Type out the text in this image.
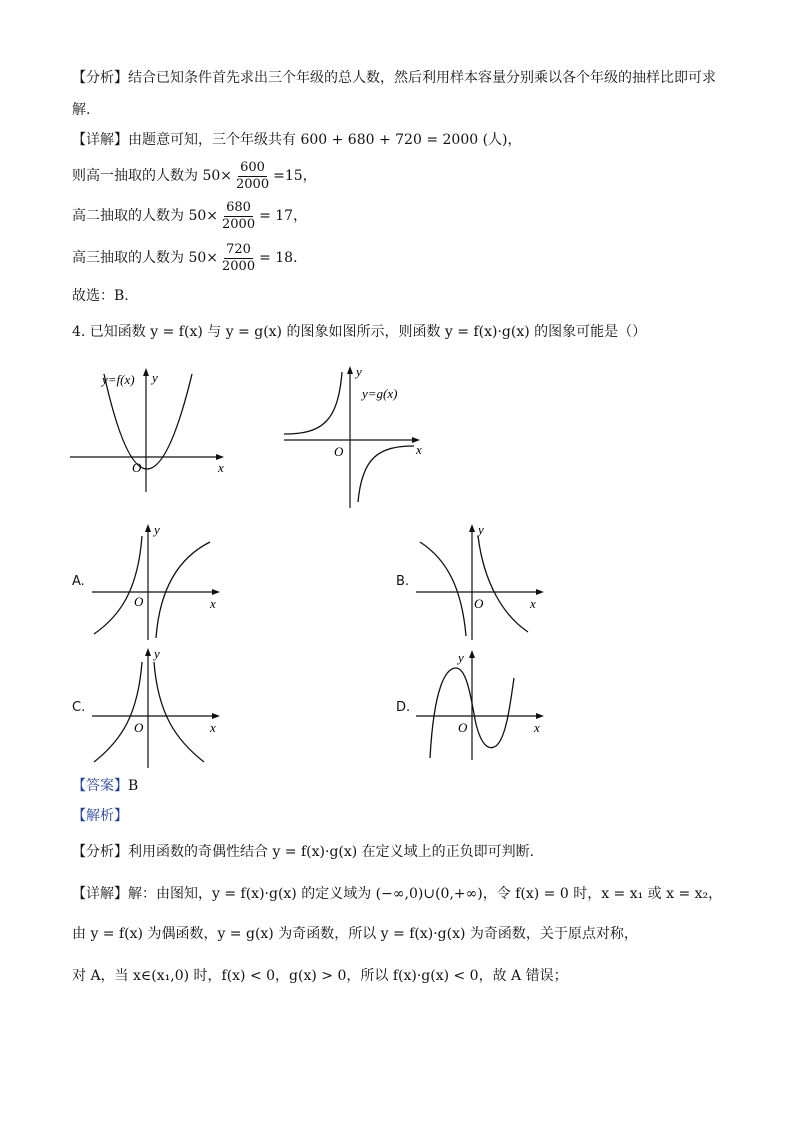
【分析】结合已知条件首先求出三个年级的总人数，然后利用样本容量分别乘以各个年级的抽样比即可求
解.
【详解】由题意可知，三个年级共有 600 + 680 + 720 = 2000 (人)，
则高一抽取的人数为 $50\times \frac{600}{2000} =15$，
高二抽取的人数为 $50\times \frac{680}{2000} = 17$，
高三抽取的人数为 $50\times \frac{720}{2000} = 18$.
故选：B.
4. 已知函数 y = f(x) 与 y = g(x) 的图象如图所示，则函数 y = f(x)·g(x) 的图象可能是（）
y=f(x) y
x
O
y
y=g(x)
x
O
A.
y
x
O
B.
y
x
O
C.
y
x
O
D.
y
x
O
【答案】B
【解析】
【分析】利用函数的奇偶性结合 y = f(x)·g(x) 在定义域上的正负即可判断.
【详解】解：由图知，y = f(x)·g(x) 的定义域为 (−∞,0)∪(0,+∞)，令 f(x) = 0 时，x = x₁ 或 x = x₂，
由 y = f(x) 为偶函数，y = g(x) 为奇函数，所以 y = f(x)·g(x) 为奇函数，关于原点对称，
对 A，当 x∈(x₁,0) 时，f(x) < 0，g(x) > 0，所以 f(x)·g(x) < 0，故 A 错误；
